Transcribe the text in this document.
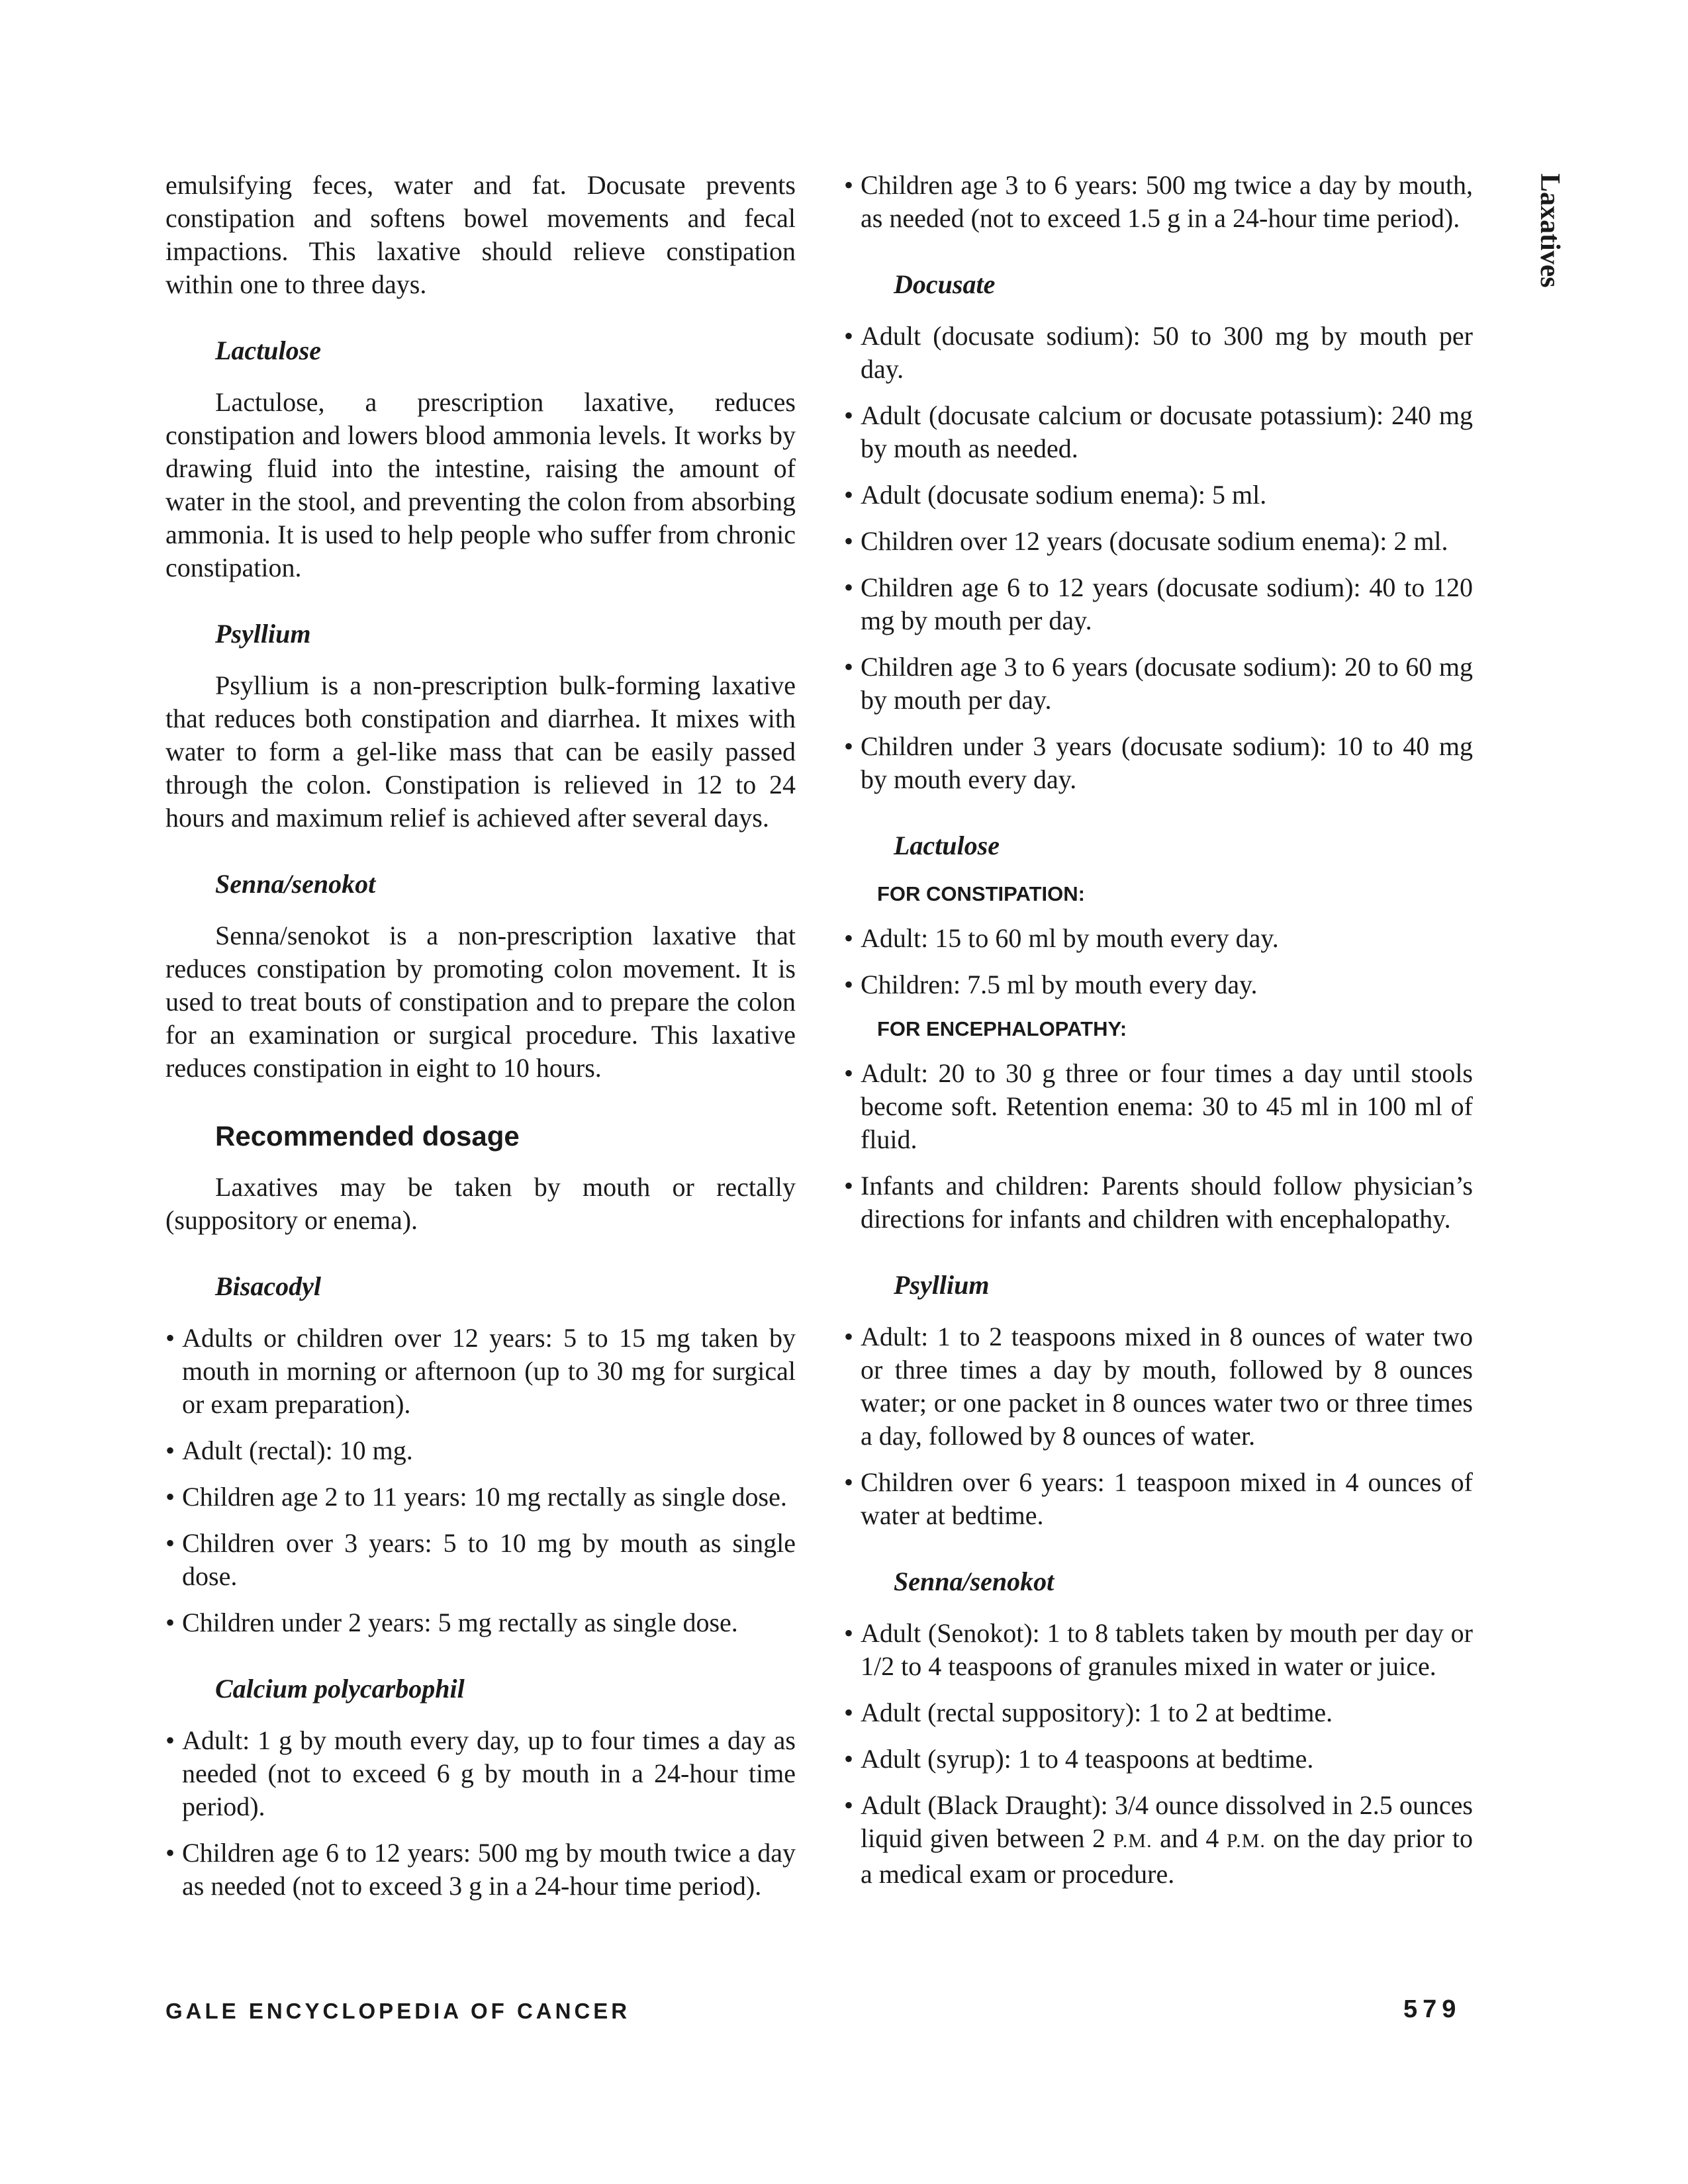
Laxatives

emulsifying feces, water and fat. Docusate prevents constipation and softens bowel movements and fecal impactions. This laxative should relieve constipation within one to three days.

Lactulose

Lactulose, a prescription laxative, reduces constipation and lowers blood ammonia levels. It works by drawing fluid into the intestine, raising the amount of water in the stool, and preventing the colon from absorbing ammonia. It is used to help people who suffer from chronic constipation.

Psyllium

Psyllium is a non-prescription bulk-forming laxative that reduces both constipation and diarrhea. It mixes with water to form a gel-like mass that can be easily passed through the colon. Constipation is relieved in 12 to 24 hours and maximum relief is achieved after several days.

Senna/senokot

Senna/senokot is a non-prescription laxative that reduces constipation by promoting colon movement. It is used to treat bouts of constipation and to prepare the colon for an examination or surgical procedure. This laxative reduces constipation in eight to 10 hours.

Recommended dosage

Laxatives may be taken by mouth or rectally (suppository or enema).

Bisacodyl
• Adults or children over 12 years: 5 to 15 mg taken by mouth in morning or afternoon (up to 30 mg for surgical or exam preparation).
• Adult (rectal): 10 mg.
• Children age 2 to 11 years: 10 mg rectally as single dose.
• Children over 3 years: 5 to 10 mg by mouth as single dose.
• Children under 2 years: 5 mg rectally as single dose.
Calcium polycarbophil
• Adult: 1 g by mouth every day, up to four times a day as needed (not to exceed 6 g by mouth in a 24-hour time period).
• Children age 6 to 12 years: 500 mg by mouth twice a day as needed (not to exceed 3 g in a 24-hour time period).
• Children age 3 to 6 years: 500 mg twice a day by mouth, as needed (not to exceed 1.5 g in a 24-hour time period).
Docusate
• Adult (docusate sodium): 50 to 300 mg by mouth per day.
• Adult (docusate calcium or docusate potassium): 240 mg by mouth as needed.
• Adult (docusate sodium enema): 5 ml.
• Children over 12 years (docusate sodium enema): 2 ml.
• Children age 6 to 12 years (docusate sodium): 40 to 120 mg by mouth per day.
• Children age 3 to 6 years (docusate sodium): 20 to 60 mg by mouth per day.
• Children under 3 years (docusate sodium): 10 to 40 mg by mouth every day.
Lactulose
FOR CONSTIPATION:
• Adult: 15 to 60 ml by mouth every day.
• Children: 7.5 ml by mouth every day.
FOR ENCEPHALOPATHY:
• Adult: 20 to 30 g three or four times a day until stools become soft. Retention enema: 30 to 45 ml in 100 ml of fluid.
• Infants and children: Parents should follow physician’s directions for infants and children with encephalopathy.
Psyllium
• Adult: 1 to 2 teaspoons mixed in 8 ounces of water two or three times a day by mouth, followed by 8 ounces water; or one packet in 8 ounces water two or three times a day, followed by 8 ounces of water.
• Children over 6 years: 1 teaspoon mixed in 4 ounces of water at bedtime.
Senna/senokot
• Adult (Senokot): 1 to 8 tablets taken by mouth per day or 1/2 to 4 teaspoons of granules mixed in water or juice.
• Adult (rectal suppository): 1 to 2 at bedtime.
• Adult (syrup): 1 to 4 teaspoons at bedtime.
• Adult (Black Draught): 3/4 ounce dissolved in 2.5 ounces liquid given between 2 P.M. and 4 P.M. on the day prior to a medical exam or procedure.
GALE ENCYCLOPEDIA OF CANCER	579
